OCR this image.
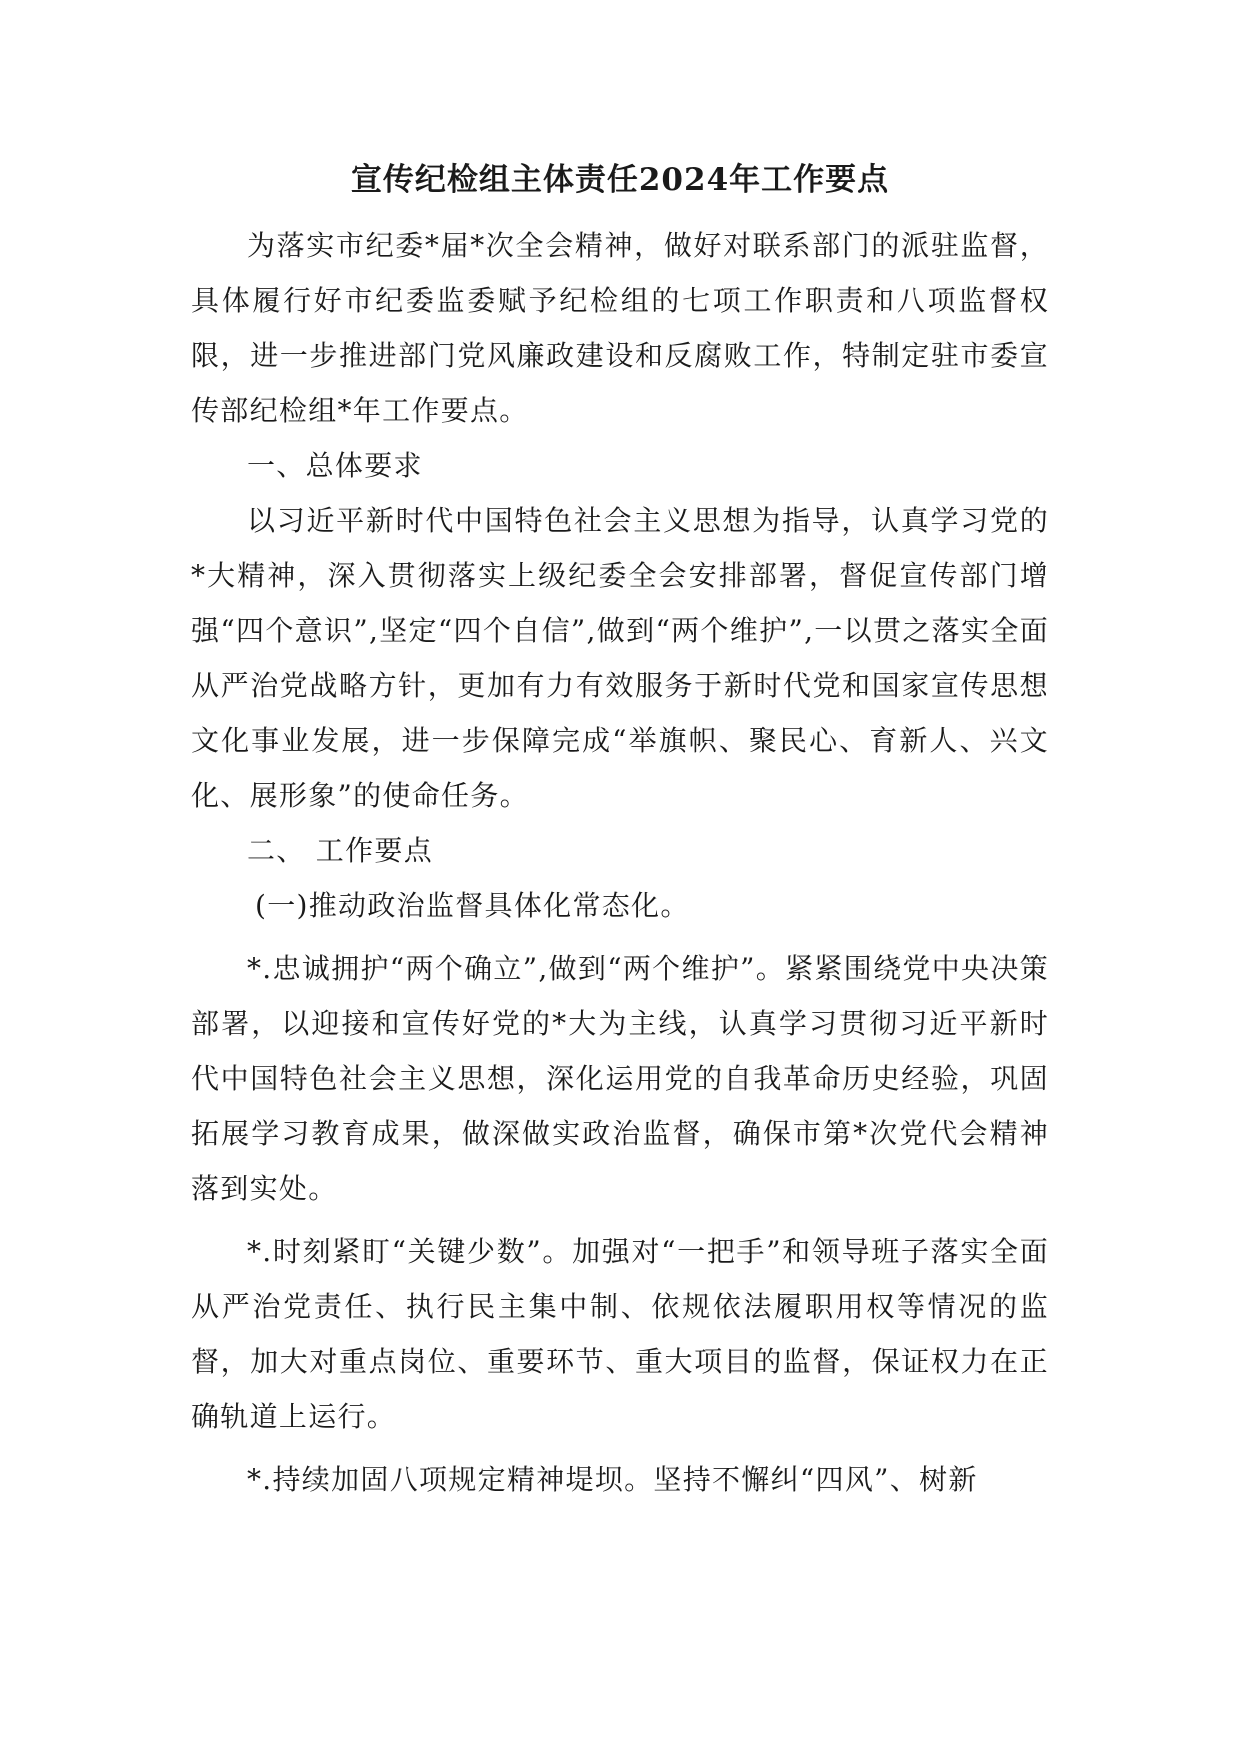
宣传纪检组主体责任2024年工作要点

为落实市纪委*届*次全会精神，做好对联系部门的派驻监督，具体履行好市纪委监委赋予纪检组的七项工作职责和八项监督权限，进一步推进部门党风廉政建设和反腐败工作，特制定驻市委宣传部纪检组*年工作要点。

一、总体要求

以习近平新时代中国特色社会主义思想为指导，认真学习党的*大精神，深入贯彻落实上级纪委全会安排部署，督促宣传部门增强“四个意识”,坚定“四个自信”,做到“两个维护”,一以贯之落实全面从严治党战略方针，更加有力有效服务于新时代党和国家宣传思想文化事业发展，进一步保障完成“举旗帜、聚民心、育新人、兴文化、展形象”的使命任务。

二、 工作要点

(一)推动政治监督具体化常态化。

*.忠诚拥护“两个确立”,做到“两个维护”。紧紧围绕党中央决策部署，以迎接和宣传好党的*大为主线，认真学习贯彻习近平新时代中国特色社会主义思想，深化运用党的自我革命历史经验，巩固拓展学习教育成果，做深做实政治监督，确保市第*次党代会精神落到实处。

*.时刻紧盯“关键少数”。加强对“一把手”和领导班子落实全面从严治党责任、执行民主集中制、依规依法履职用权等情况的监督，加大对重点岗位、重要环节、重大项目的监督，保证权力在正确轨道上运行。

*.持续加固八项规定精神堤坝。坚持不懈纠“四风”、树新
